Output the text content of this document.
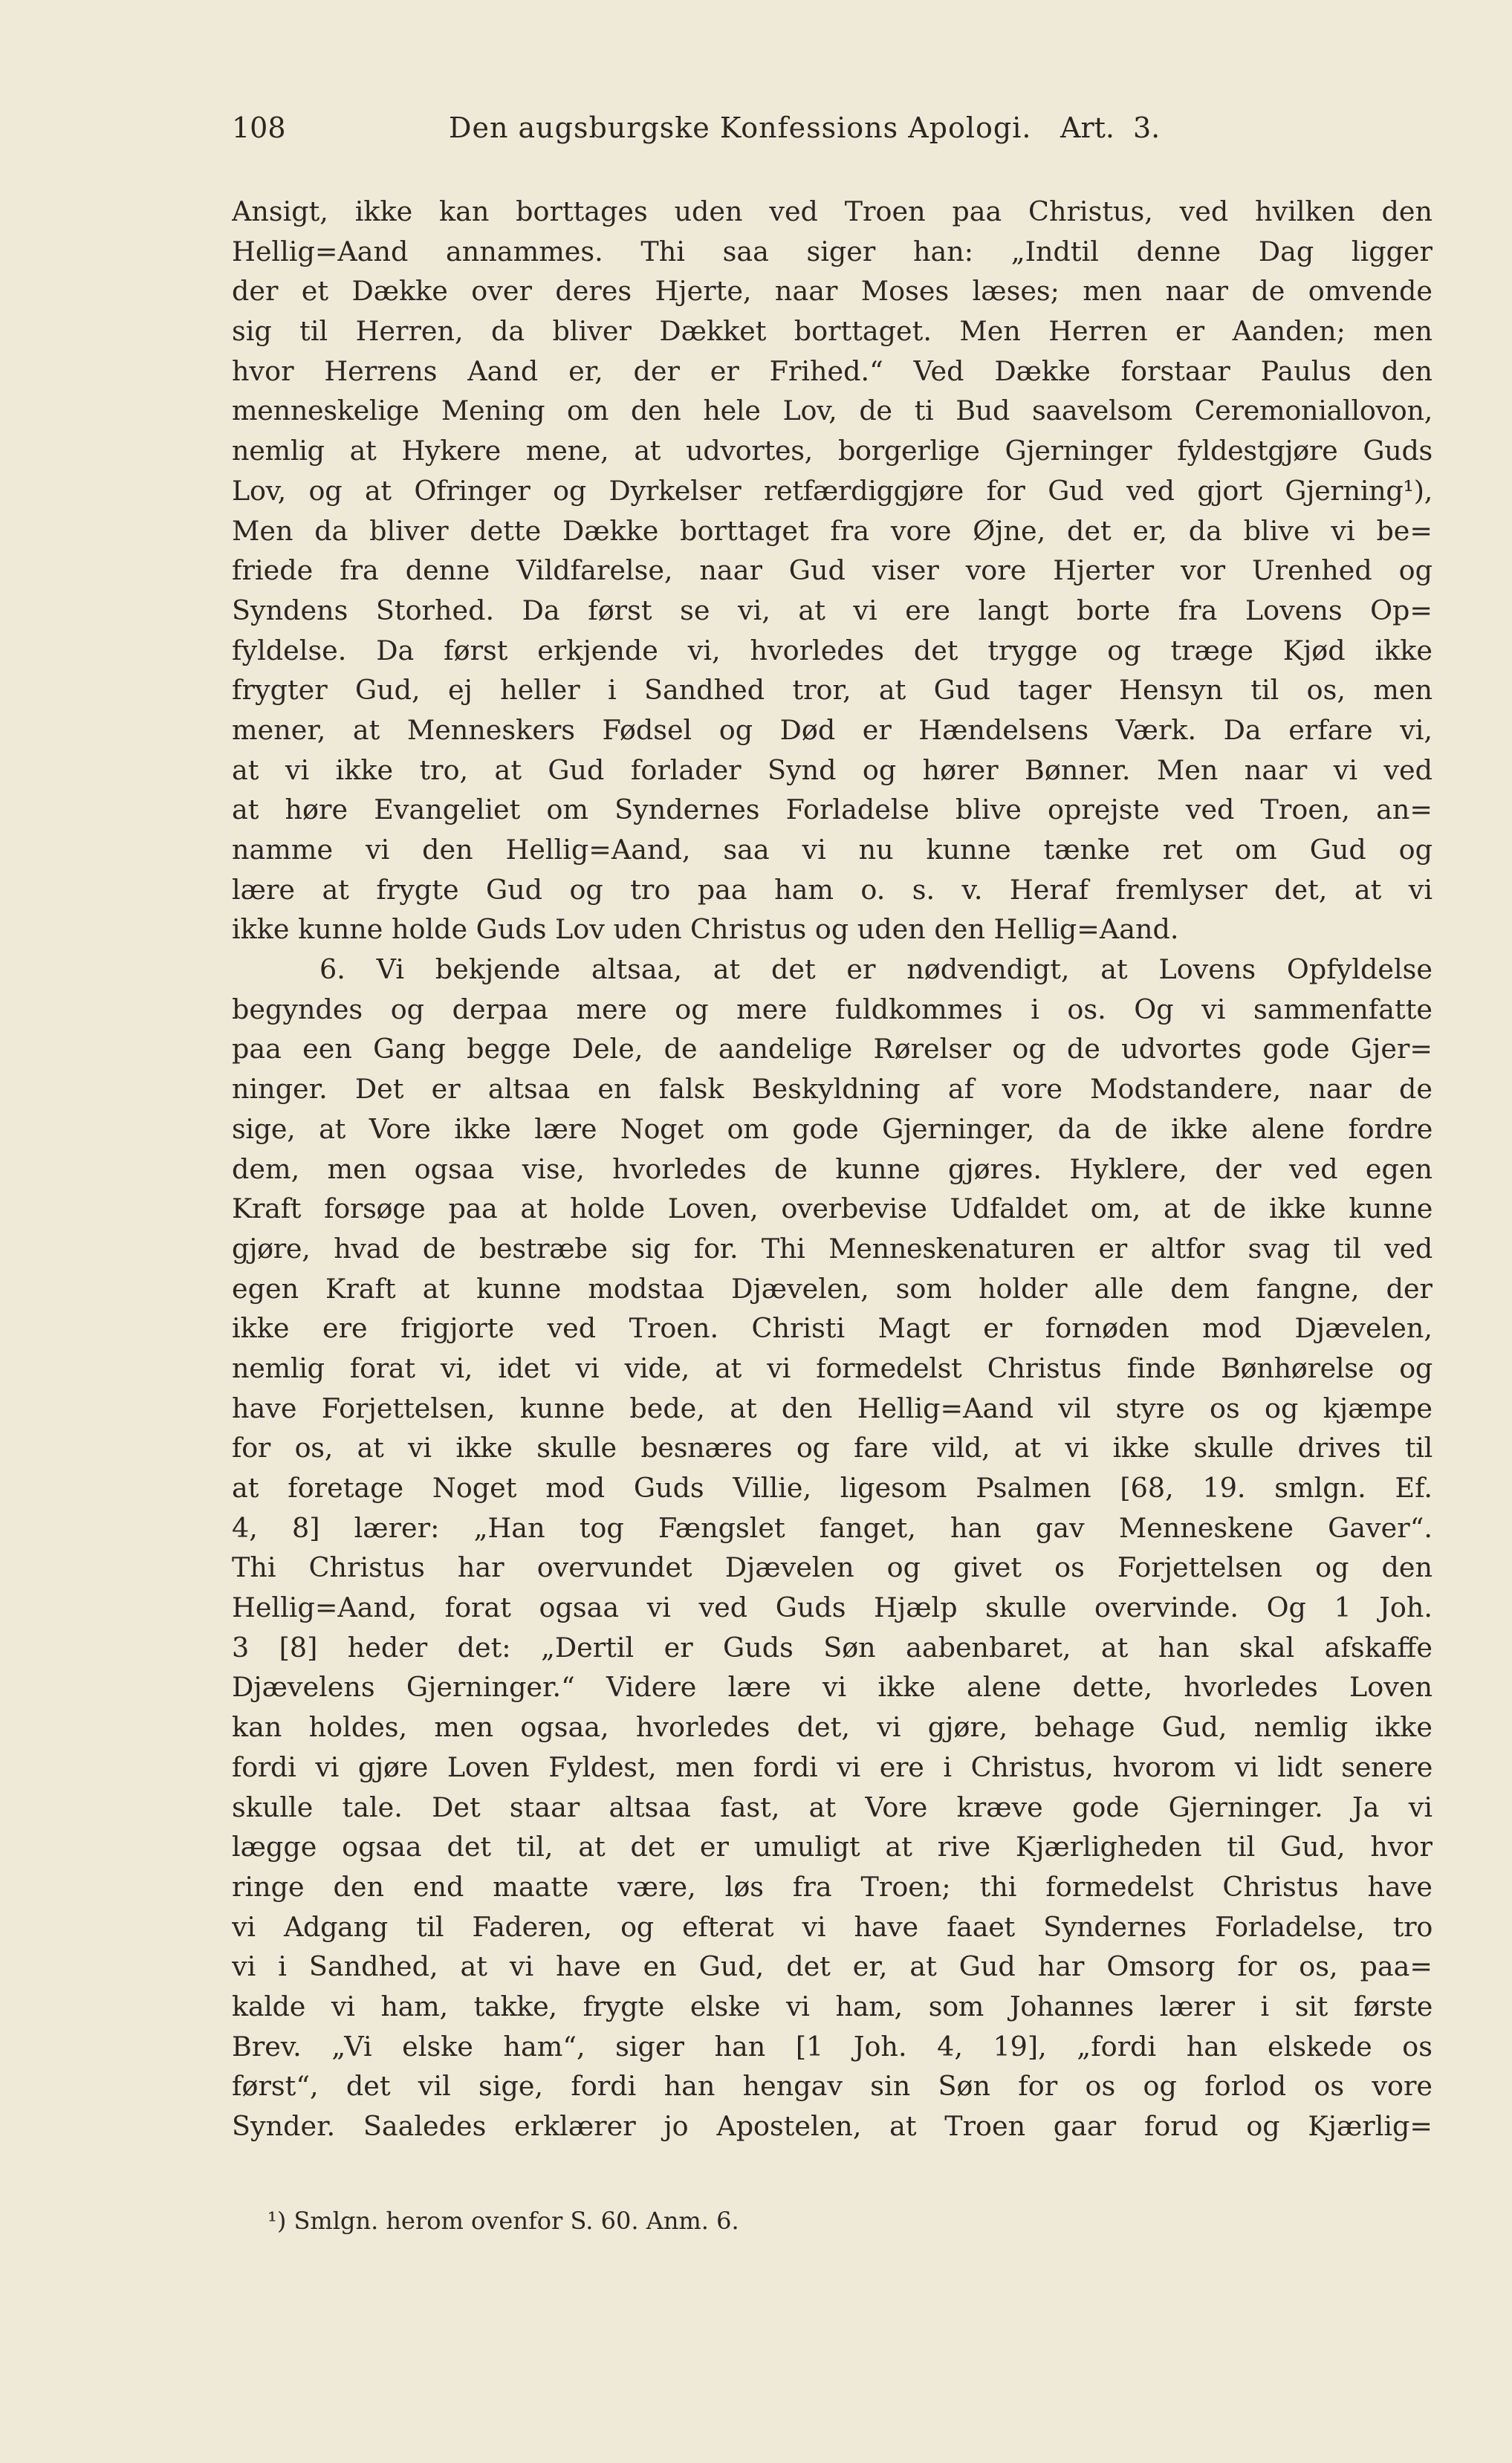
108	Den augsburgske Konfessions Apologi. Art. 3.
Ansigt, ikke kan borttages uden ved Troen paa Christus, ved hvilken den
Hellig=Aand annammes. Thi saa siger han: „Indtil denne Dag ligger
der et Dække over deres Hjerte, naar Moses læses; men naar de omvende
sig til Herren, da bliver Dækket borttaget. Men Herren er Aanden; men
hvor Herrens Aand er, der er Frihed.“ Ved Dække forstaar Paulus den
menneskelige Mening om den hele Lov, de ti Bud saavelsom Ceremoniallovon,
nemlig at Hykere mene, at udvortes, borgerlige Gjerninger fyldestgjøre Guds
Lov, og at Ofringer og Dyrkelser retfærdiggjøre for Gud ved gjort Gjerning¹),
Men da bliver dette Dække borttaget fra vore Øjne, det er, da blive vi be=
friede fra denne Vildfarelse, naar Gud viser vore Hjerter vor Urenhed og
Syndens Storhed. Da først se vi, at vi ere langt borte fra Lovens Op=
fyldelse. Da først erkjende vi, hvorledes det trygge og træge Kjød ikke
frygter Gud, ej heller i Sandhed tror, at Gud tager Hensyn til os, men
mener, at Menneskers Fødsel og Død er Hændelsens Værk. Da erfare vi,
at vi ikke tro, at Gud forlader Synd og hører Bønner. Men naar vi ved
at høre Evangeliet om Syndernes Forladelse blive oprejste ved Troen, an=
namme vi den Hellig=Aand, saa vi nu kunne tænke ret om Gud og
lære at frygte Gud og tro paa ham o. s. v. Heraf fremlyser det, at vi
ikke kunne holde Guds Lov uden Christus og uden den Hellig=Aand.
6. Vi bekjende altsaa, at det er nødvendigt, at Lovens Opfyldelse
begyndes og derpaa mere og mere fuldkommes i os. Og vi sammenfatte
paa een Gang begge Dele, de aandelige Rørelser og de udvortes gode Gjer=
ninger. Det er altsaa en falsk Beskyldning af vore Modstandere, naar de
sige, at Vore ikke lære Noget om gode Gjerninger, da de ikke alene fordre
dem, men ogsaa vise, hvorledes de kunne gjøres. Hyklere, der ved egen
Kraft forsøge paa at holde Loven, overbevise Udfaldet om, at de ikke kunne
gjøre, hvad de bestræbe sig for. Thi Menneskenaturen er altfor svag til ved
egen Kraft at kunne modstaa Djævelen, som holder alle dem fangne, der
ikke ere frigjorte ved Troen. Christi Magt er fornøden mod Djævelen,
nemlig forat vi, idet vi vide, at vi formedelst Christus finde Bønhørelse og
have Forjettelsen, kunne bede, at den Hellig=Aand vil styre os og kjæmpe
for os, at vi ikke skulle besnæres og fare vild, at vi ikke skulle drives til
at foretage Noget mod Guds Villie, ligesom Psalmen [68, 19. smlgn. Ef.
4, 8] lærer: „Han tog Fængslet fanget, han gav Menneskene Gaver“.
Thi Christus har overvundet Djævelen og givet os Forjettelsen og den
Hellig=Aand, forat ogsaa vi ved Guds Hjælp skulle overvinde. Og 1 Joh.
3 [8] heder det: „Dertil er Guds Søn aabenbaret, at han skal afskaffe
Djævelens Gjerninger.“ Videre lære vi ikke alene dette, hvorledes Loven
kan holdes, men ogsaa, hvorledes det, vi gjøre, behage Gud, nemlig ikke
fordi vi gjøre Loven Fyldest, men fordi vi ere i Christus, hvorom vi lidt senere
skulle tale. Det staar altsaa fast, at Vore kræve gode Gjerninger. Ja vi
lægge ogsaa det til, at det er umuligt at rive Kjærligheden til Gud, hvor
ringe den end maatte være, løs fra Troen; thi formedelst Christus have
vi Adgang til Faderen, og efterat vi have faaet Syndernes Forladelse, tro
vi i Sandhed, at vi have en Gud, det er, at Gud har Omsorg for os, paa=
kalde vi ham, takke, frygte elske vi ham, som Johannes lærer i sit første
Brev. „Vi elske ham“, siger han [1 Joh. 4, 19], „fordi han elskede os
først“, det vil sige, fordi han hengav sin Søn for os og forlod os vore
Synder. Saaledes erklærer jo Apostelen, at Troen gaar forud og Kjærlig=
¹) Smlgn. herom ovenfor S. 60. Anm. 6.
